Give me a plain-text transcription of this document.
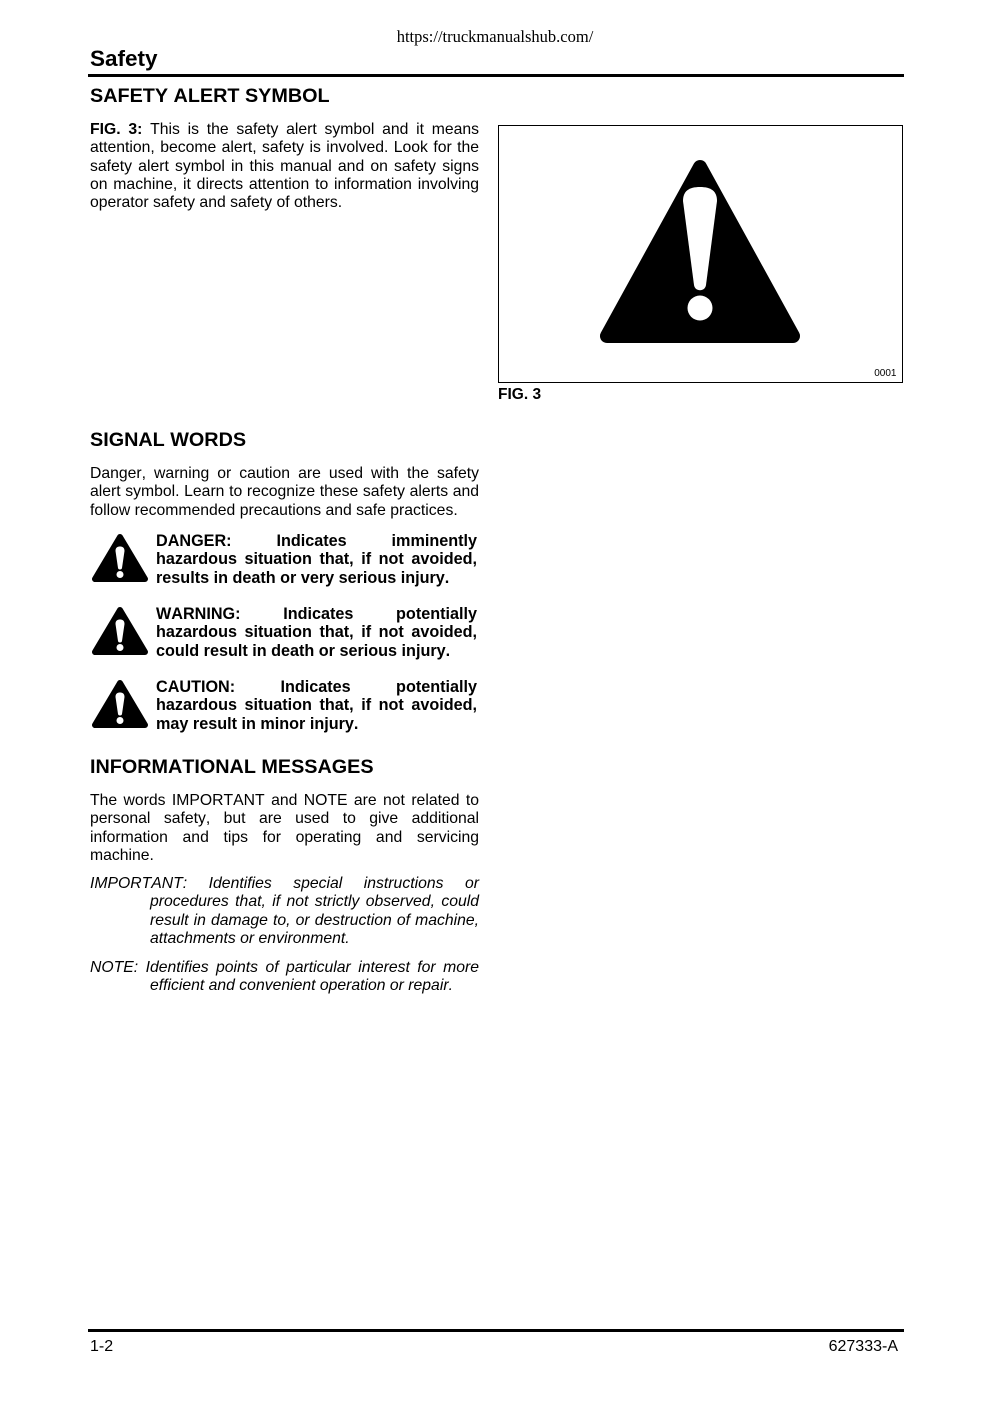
https://truckmanualshub.com/
Safety
SAFETY ALERT SYMBOL

FIG. 3: This is the safety alert symbol and it means attention, become alert, safety is involved. Look for the safety alert symbol in this manual and on safety signs on machine, it directs attention to information involving operator safety and safety of others.

0001
FIG. 3
SIGNAL WORDS

Danger, warning or caution are used with the safety alert symbol. Learn to recognize these safety alerts and follow recommended precautions and safe practices.

DANGER:	Indicates imminently hazardous situation that, if not avoided, results in death or very serious injury.

WARNING:	Indicates potentially hazardous situation that, if not avoided, could result in death or serious injury.

CAUTION:	Indicates potentially hazardous situation that, if not avoided, may result in minor injury.

INFORMATIONAL MESSAGES

The words IMPORTANT and NOTE are not related to personal safety, but are used to give additional information and tips for operating and servicing machine.

IMPORTANT: Identifies special instructions or procedures that, if not strictly observed, could result in damage to, or destruction of machine, attachments or environment.

NOTE: Identifies points of particular interest for more efficient and convenient operation or repair.

1-2	627333-A
